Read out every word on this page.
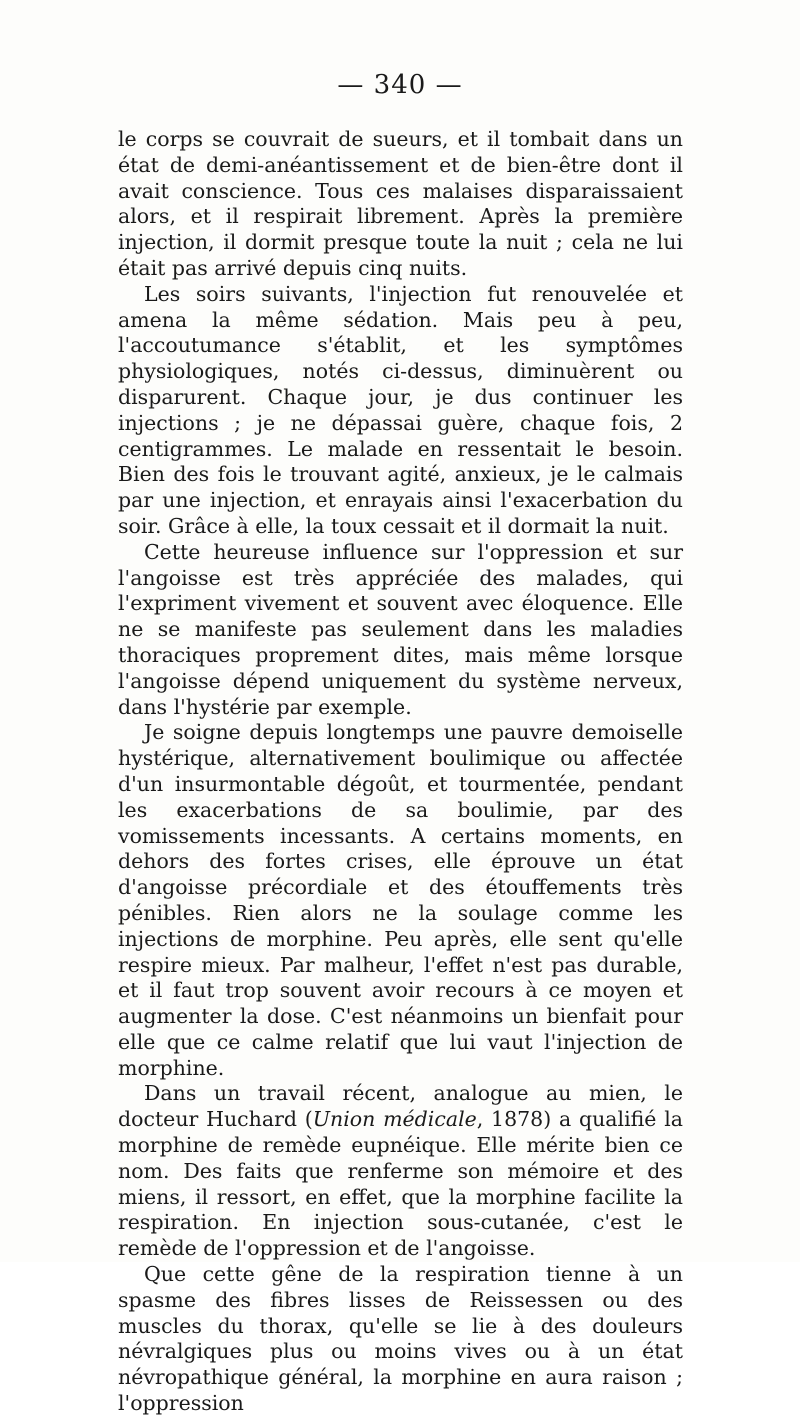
— 340 —

le corps se couvrait de sueurs, et il tombait dans un état de demi-anéantissement et de bien-être dont il avait conscience. Tous ces malaises disparaissaient alors, et il respirait librement. Après la première injection, il dormit presque toute la nuit ; cela ne lui était pas arrivé depuis cinq nuits.

Les soirs suivants, l'injection fut renouvelée et amena la même sédation. Mais peu à peu, l'accoutumance s'établit, et les symptômes physiologiques, notés ci-dessus, diminuèrent ou disparurent. Chaque jour, je dus continuer les injections ; je ne dépassai guère, chaque fois, 2 centigrammes. Le malade en ressentait le besoin. Bien des fois le trouvant agité, anxieux, je le calmais par une injection, et enrayais ainsi l'exacerbation du soir. Grâce à elle, la toux cessait et il dormait la nuit.

Cette heureuse influence sur l'oppression et sur l'angoisse est très appréciée des malades, qui l'expriment vivement et souvent avec éloquence. Elle ne se manifeste pas seulement dans les maladies thoraciques proprement dites, mais même lorsque l'angoisse dépend uniquement du système nerveux, dans l'hystérie par exemple.

Je soigne depuis longtemps une pauvre demoiselle hystérique, alternativement boulimique ou affectée d'un insurmontable dégoût, et tourmentée, pendant les exacerbations de sa boulimie, par des vomissements incessants. A certains moments, en dehors des fortes crises, elle éprouve un état d'angoisse précordiale et des étouffements très pénibles. Rien alors ne la soulage comme les injections de morphine. Peu après, elle sent qu'elle respire mieux. Par malheur, l'effet n'est pas durable, et il faut trop souvent avoir recours à ce moyen et augmenter la dose. C'est néanmoins un bienfait pour elle que ce calme relatif que lui vaut l'injection de morphine.

Dans un travail récent, analogue au mien, le docteur Huchard (Union médicale, 1878) a qualifié la morphine de remède eupnéique. Elle mérite bien ce nom. Des faits que renferme son mémoire et des miens, il ressort, en effet, que la morphine facilite la respiration. En injection sous-cutanée, c'est le remède de l'oppression et de l'angoisse.

Que cette gêne de la respiration tienne à un spasme des fibres lisses de Reissessen ou des muscles du thorax, qu'elle se lie à des douleurs névralgiques plus ou moins vives ou à un état névropathique général, la morphine en aura raison ; l'oppression
